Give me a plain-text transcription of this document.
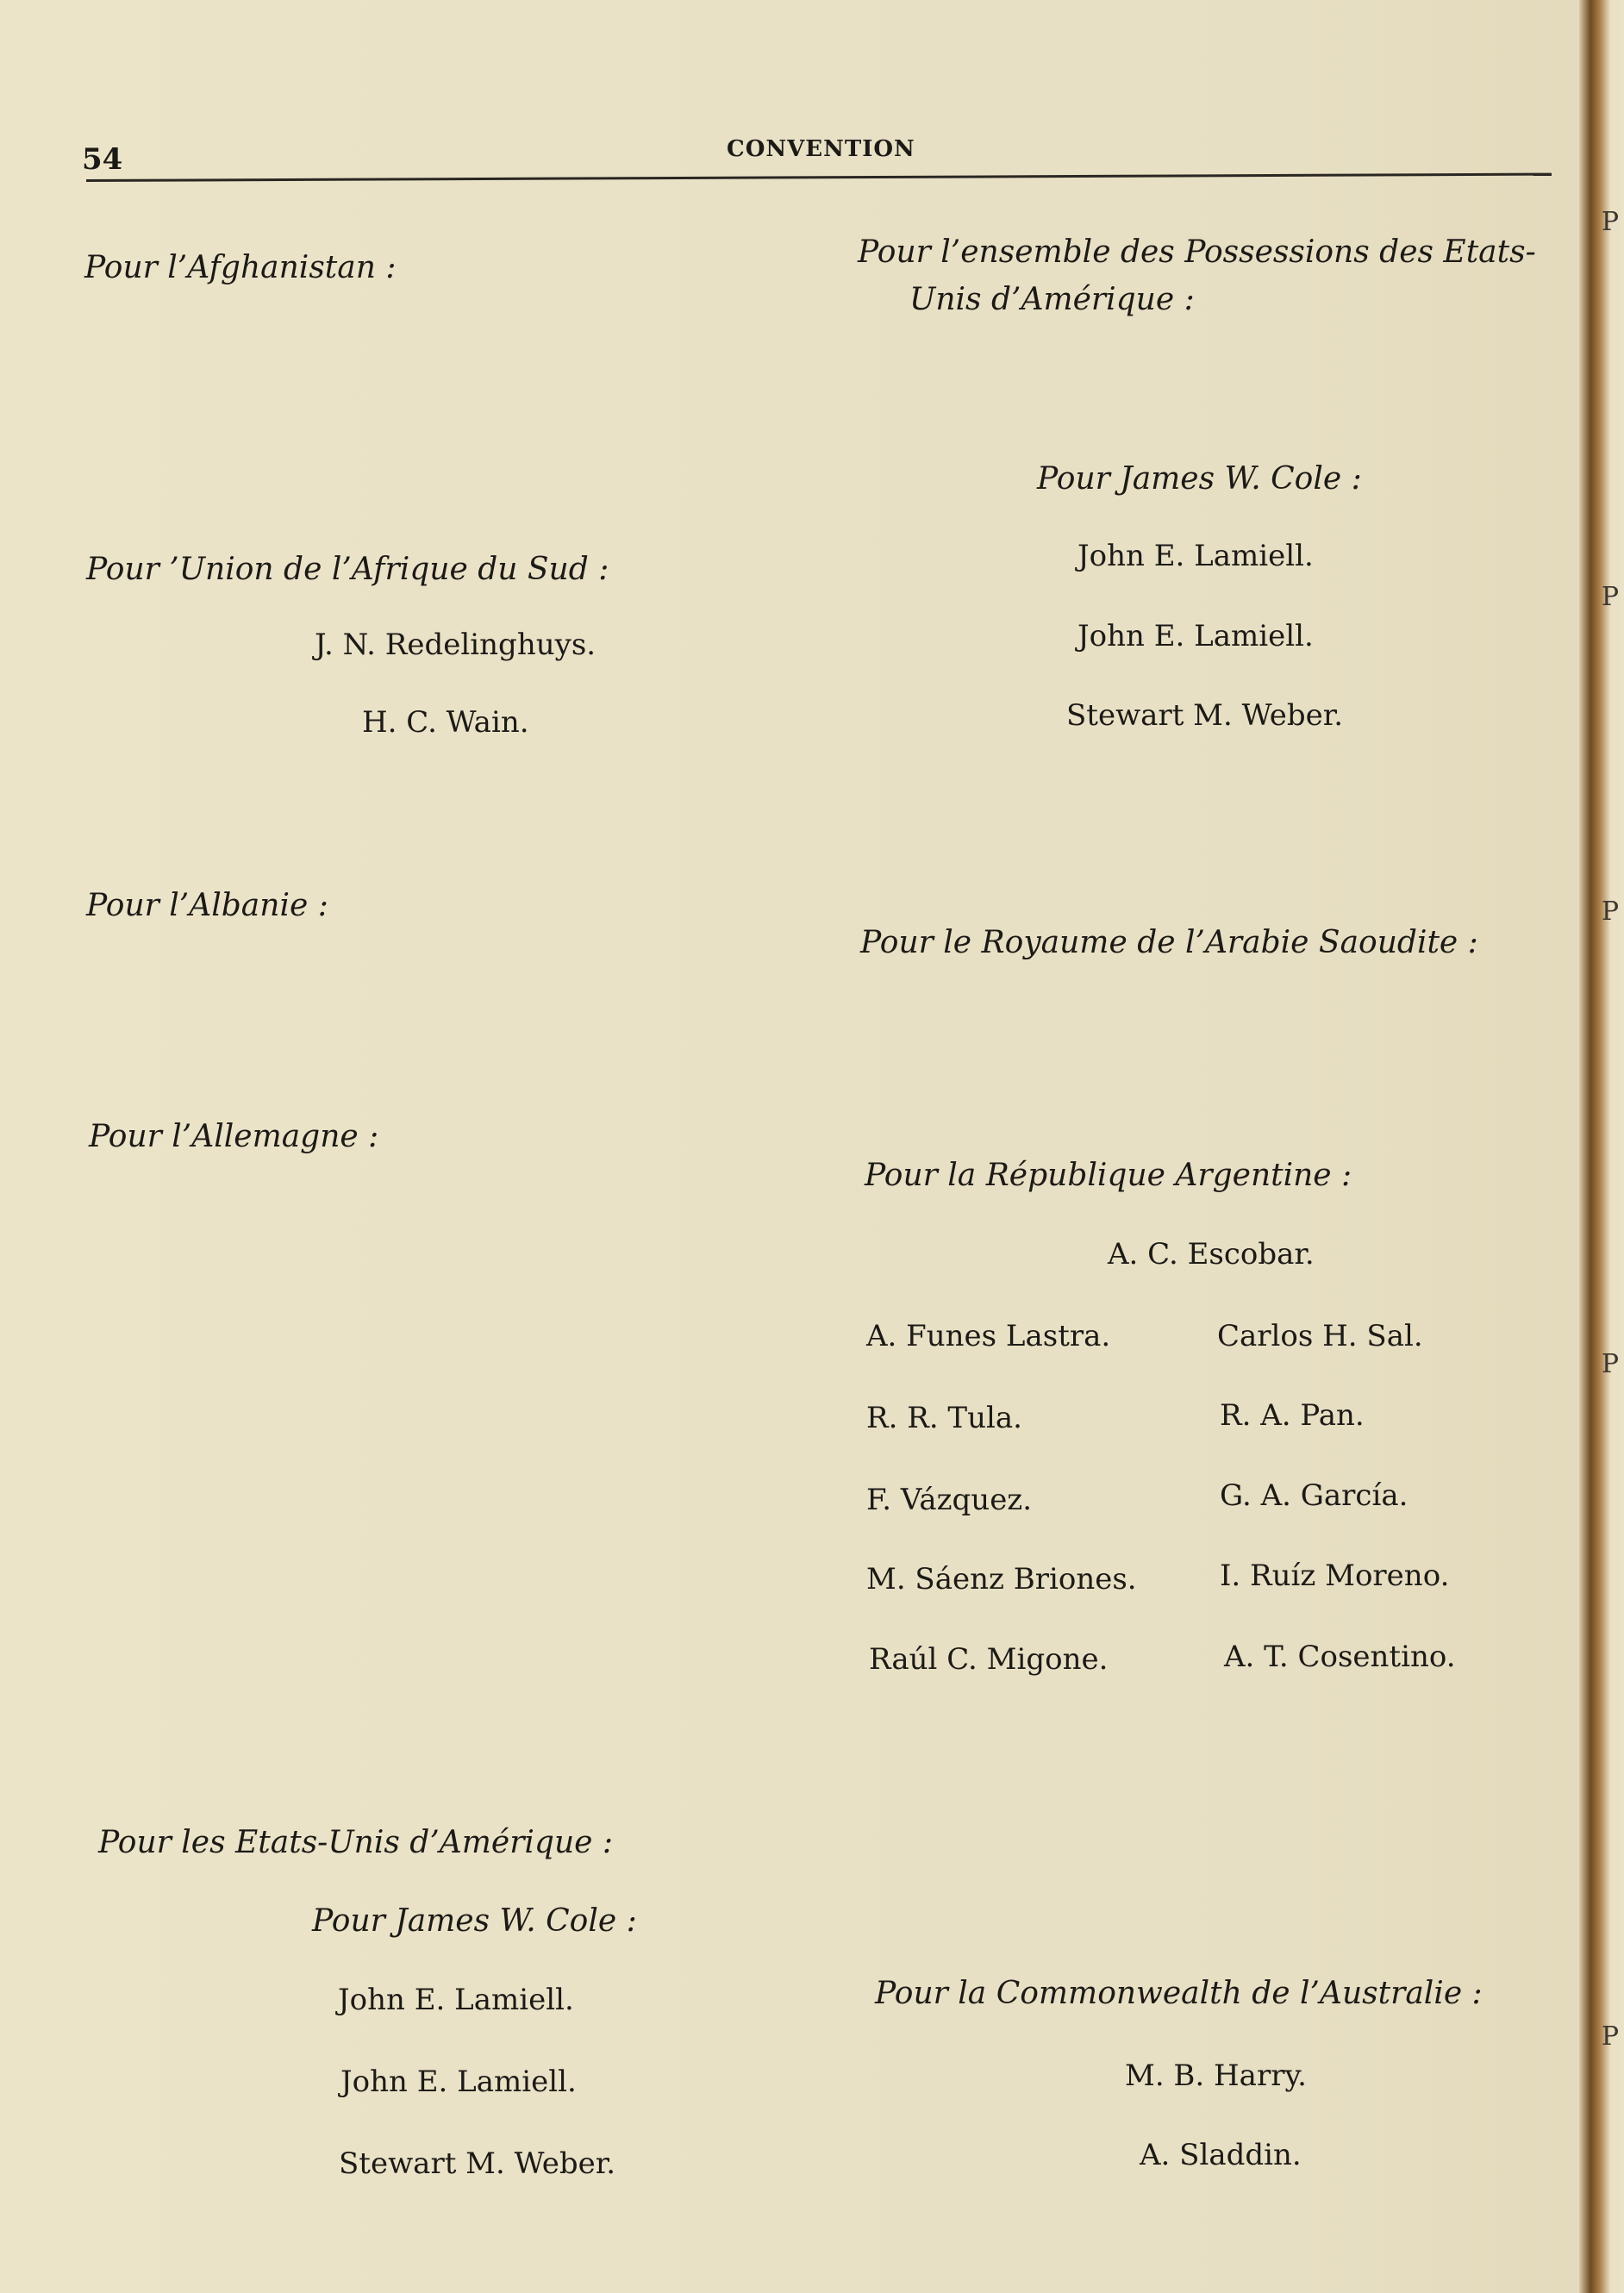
P
P
P
P
P
54	CONVENTION
Pour l’Afghanistan :
Pour ’Union de l’Afrique du Sud :
J. N. Redelinghuys.
H. C. Wain.
Pour l’Albanie :
Pour l’Allemagne :
Pour les Etats-Unis d’Amérique :
Pour James W. Cole :
John E. Lamiell.
John E. Lamiell.
Stewart M. Weber.
Pour l’ensemble des Possessions des Etats-
Unis d’Amérique :
Pour James W. Cole :
John E. Lamiell.
John E. Lamiell.
Stewart M. Weber.
Pour le Royaume de l’Arabie Saoudite :
Pour la République Argentine :
A. C. Escobar.
A. Funes Lastra.
R. R. Tula.
F. Vázquez.
M. Sáenz Briones.
Raúl C. Migone.
Carlos H. Sal.
R. A. Pan.
G. A. García.
I. Ruíz Moreno.
A. T. Cosentino.
Pour la Commonwealth de l’Australie :
M. B. Harry.
A. Sladdin.
